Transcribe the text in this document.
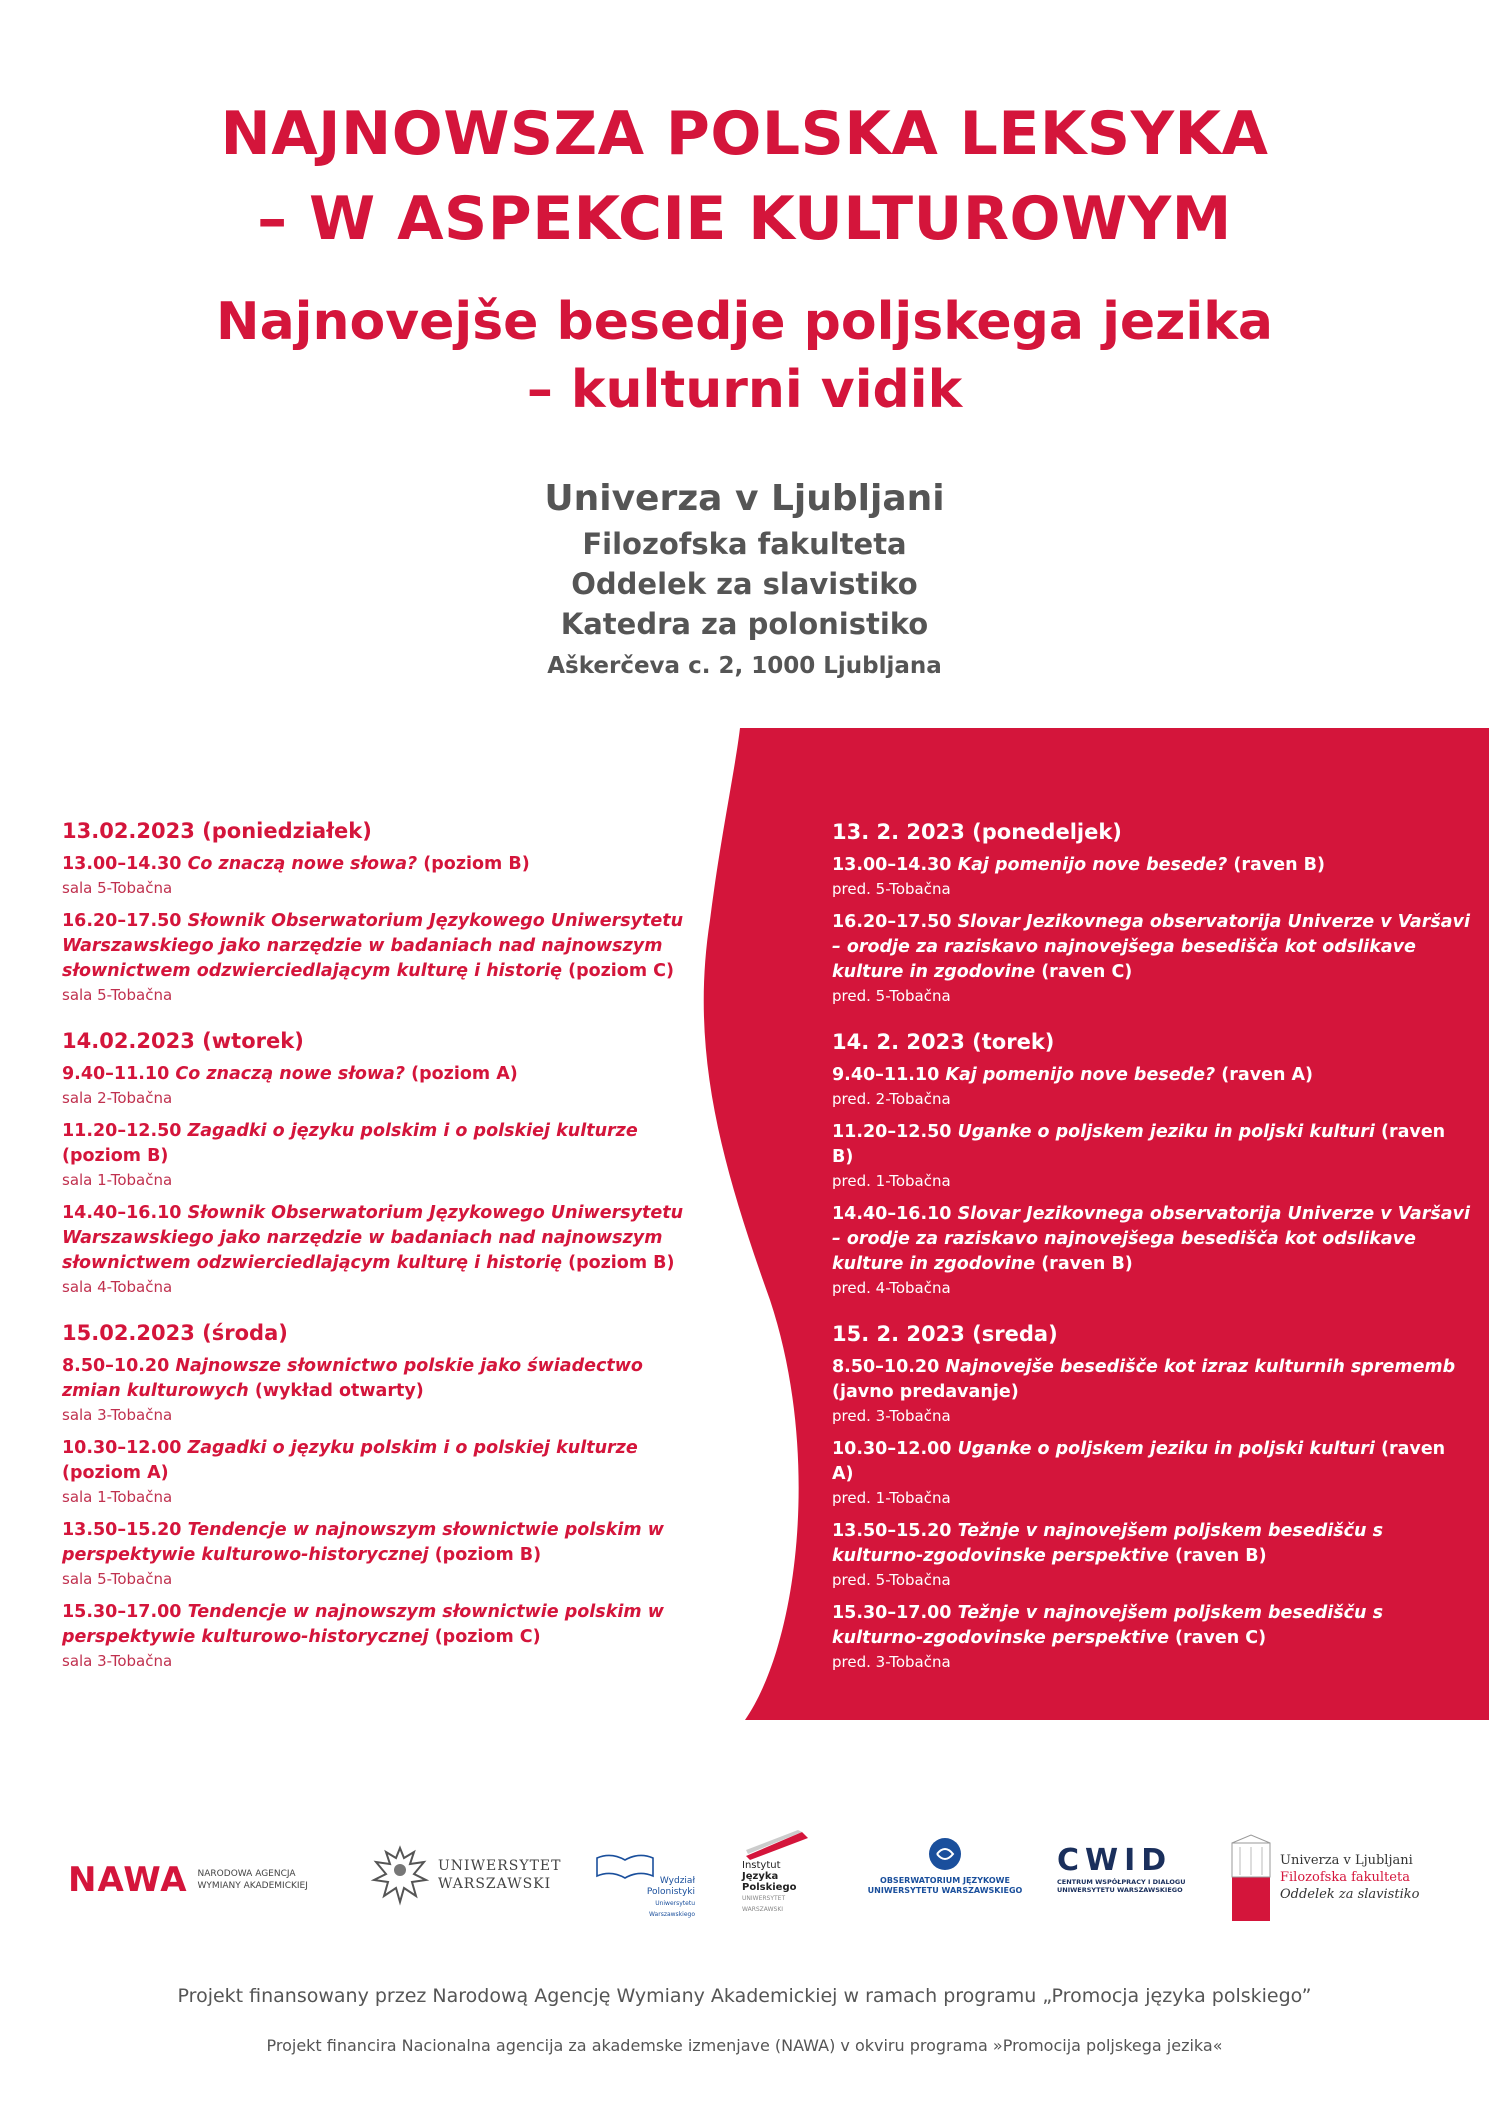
NAJNOWSZA POLSKA LEKSYKA
– W ASPEKCIE KULTUROWYM
Najnovejše besedje poljskega jezika
– kulturni vidik
Univerza v Ljubljani
Filozofska fakulteta
Oddelek za slavistiko
Katedra za polonistiko
Aškerčeva c. 2, 1000 Ljubljana
13.02.2023 (poniedziałek)
13.00–14.30 Co znaczą nowe słowa? (poziom B)
sala 5-Tobačna
16.20–17.50 Słownik Obserwatorium Językowego Uniwersytetu Warszawskiego jako narzędzie w badaniach nad najnowszym słownictwem odzwierciedlającym kulturę i historię (poziom C)
sala 5-Tobačna
14.02.2023 (wtorek)
9.40–11.10 Co znaczą nowe słowa? (poziom A)
sala 2-Tobačna
11.20–12.50 Zagadki o języku polskim i o polskiej kulturze (poziom B)
sala 1-Tobačna
14.40–16.10 Słownik Obserwatorium Językowego Uniwersytetu Warszawskiego jako narzędzie w badaniach nad najnowszym słownictwem odzwierciedlającym kulturę i historię (poziom B)
sala 4-Tobačna
15.02.2023 (środa)
8.50–10.20 Najnowsze słownictwo polskie jako świadectwo zmian kulturowych (wykład otwarty)
sala 3-Tobačna
10.30–12.00 Zagadki o języku polskim i o polskiej kulturze (poziom A)
sala 1-Tobačna
13.50–15.20 Tendencje w najnowszym słownictwie polskim w perspektywie kulturowo-historycznej (poziom B)
sala 5-Tobačna
15.30–17.00 Tendencje w najnowszym słownictwie polskim w perspektywie kulturowo-historycznej (poziom C)
sala 3-Tobačna
13. 2. 2023 (ponedeljek)
13.00–14.30 Kaj pomenijo nove besede? (raven B)
pred. 5-Tobačna
16.20–17.50 Slovar Jezikovnega observatorija Univerze v Varšavi – orodje za raziskavo najnovejšega besedišča kot odslikave kulture in zgodovine (raven C)
pred. 5-Tobačna
14. 2. 2023 (torek)
9.40–11.10 Kaj pomenijo nove besede? (raven A)
pred. 2-Tobačna
11.20–12.50 Uganke o poljskem jeziku in poljski kulturi (raven B)
pred. 1-Tobačna
14.40–16.10 Slovar Jezikovnega observatorija Univerze v Varšavi – orodje za raziskavo najnovejšega besedišča kot odslikave kulture in zgodovine (raven B)
pred. 4-Tobačna
15. 2. 2023 (sreda)
8.50–10.20 Najnovejše besedišče kot izraz kulturnih sprememb (javno predavanje)
pred. 3-Tobačna
10.30–12.00 Uganke o poljskem jeziku in poljski kulturi (raven A)
pred. 1-Tobačna
13.50–15.20 Težnje v najnovejšem poljskem besedišču s kulturno-zgodovinske perspektive (raven B)
pred. 5-Tobačna
15.30–17.00 Težnje v najnovejšem poljskem besedišču s kulturno-zgodovinske perspektive (raven C)
pred. 3-Tobačna
NAWA NARODOWA AGENCJA
WYMIANY AKADEMICKIEJ
UNIWERSYTET
WARSZAWSKI	Wydział
Polonistyki
Uniwersytetu Warszawskiego
Instytut
Języka
Polskiego
UNIWERSYTET
WARSZAWSKI
OBSERWATORIUM JĘZYKOWE
UNIWERSYTETU WARSZAWSKIEGO
CWID
CENTRUM WSPÓŁPRACY I DIALOGU
UNIWERSYTETU WARSZAWSKIEGO
Univerza v Ljubljani
Filozofska fakulteta
Oddelek za slavistiko
Projekt finansowany przez Narodową Agencję Wymiany Akademickiej w ramach programu „Promocja języka polskiego”
Projekt financira Nacionalna agencija za akademske izmenjave (NAWA) v okviru programa »Promocija poljskega jezika«
